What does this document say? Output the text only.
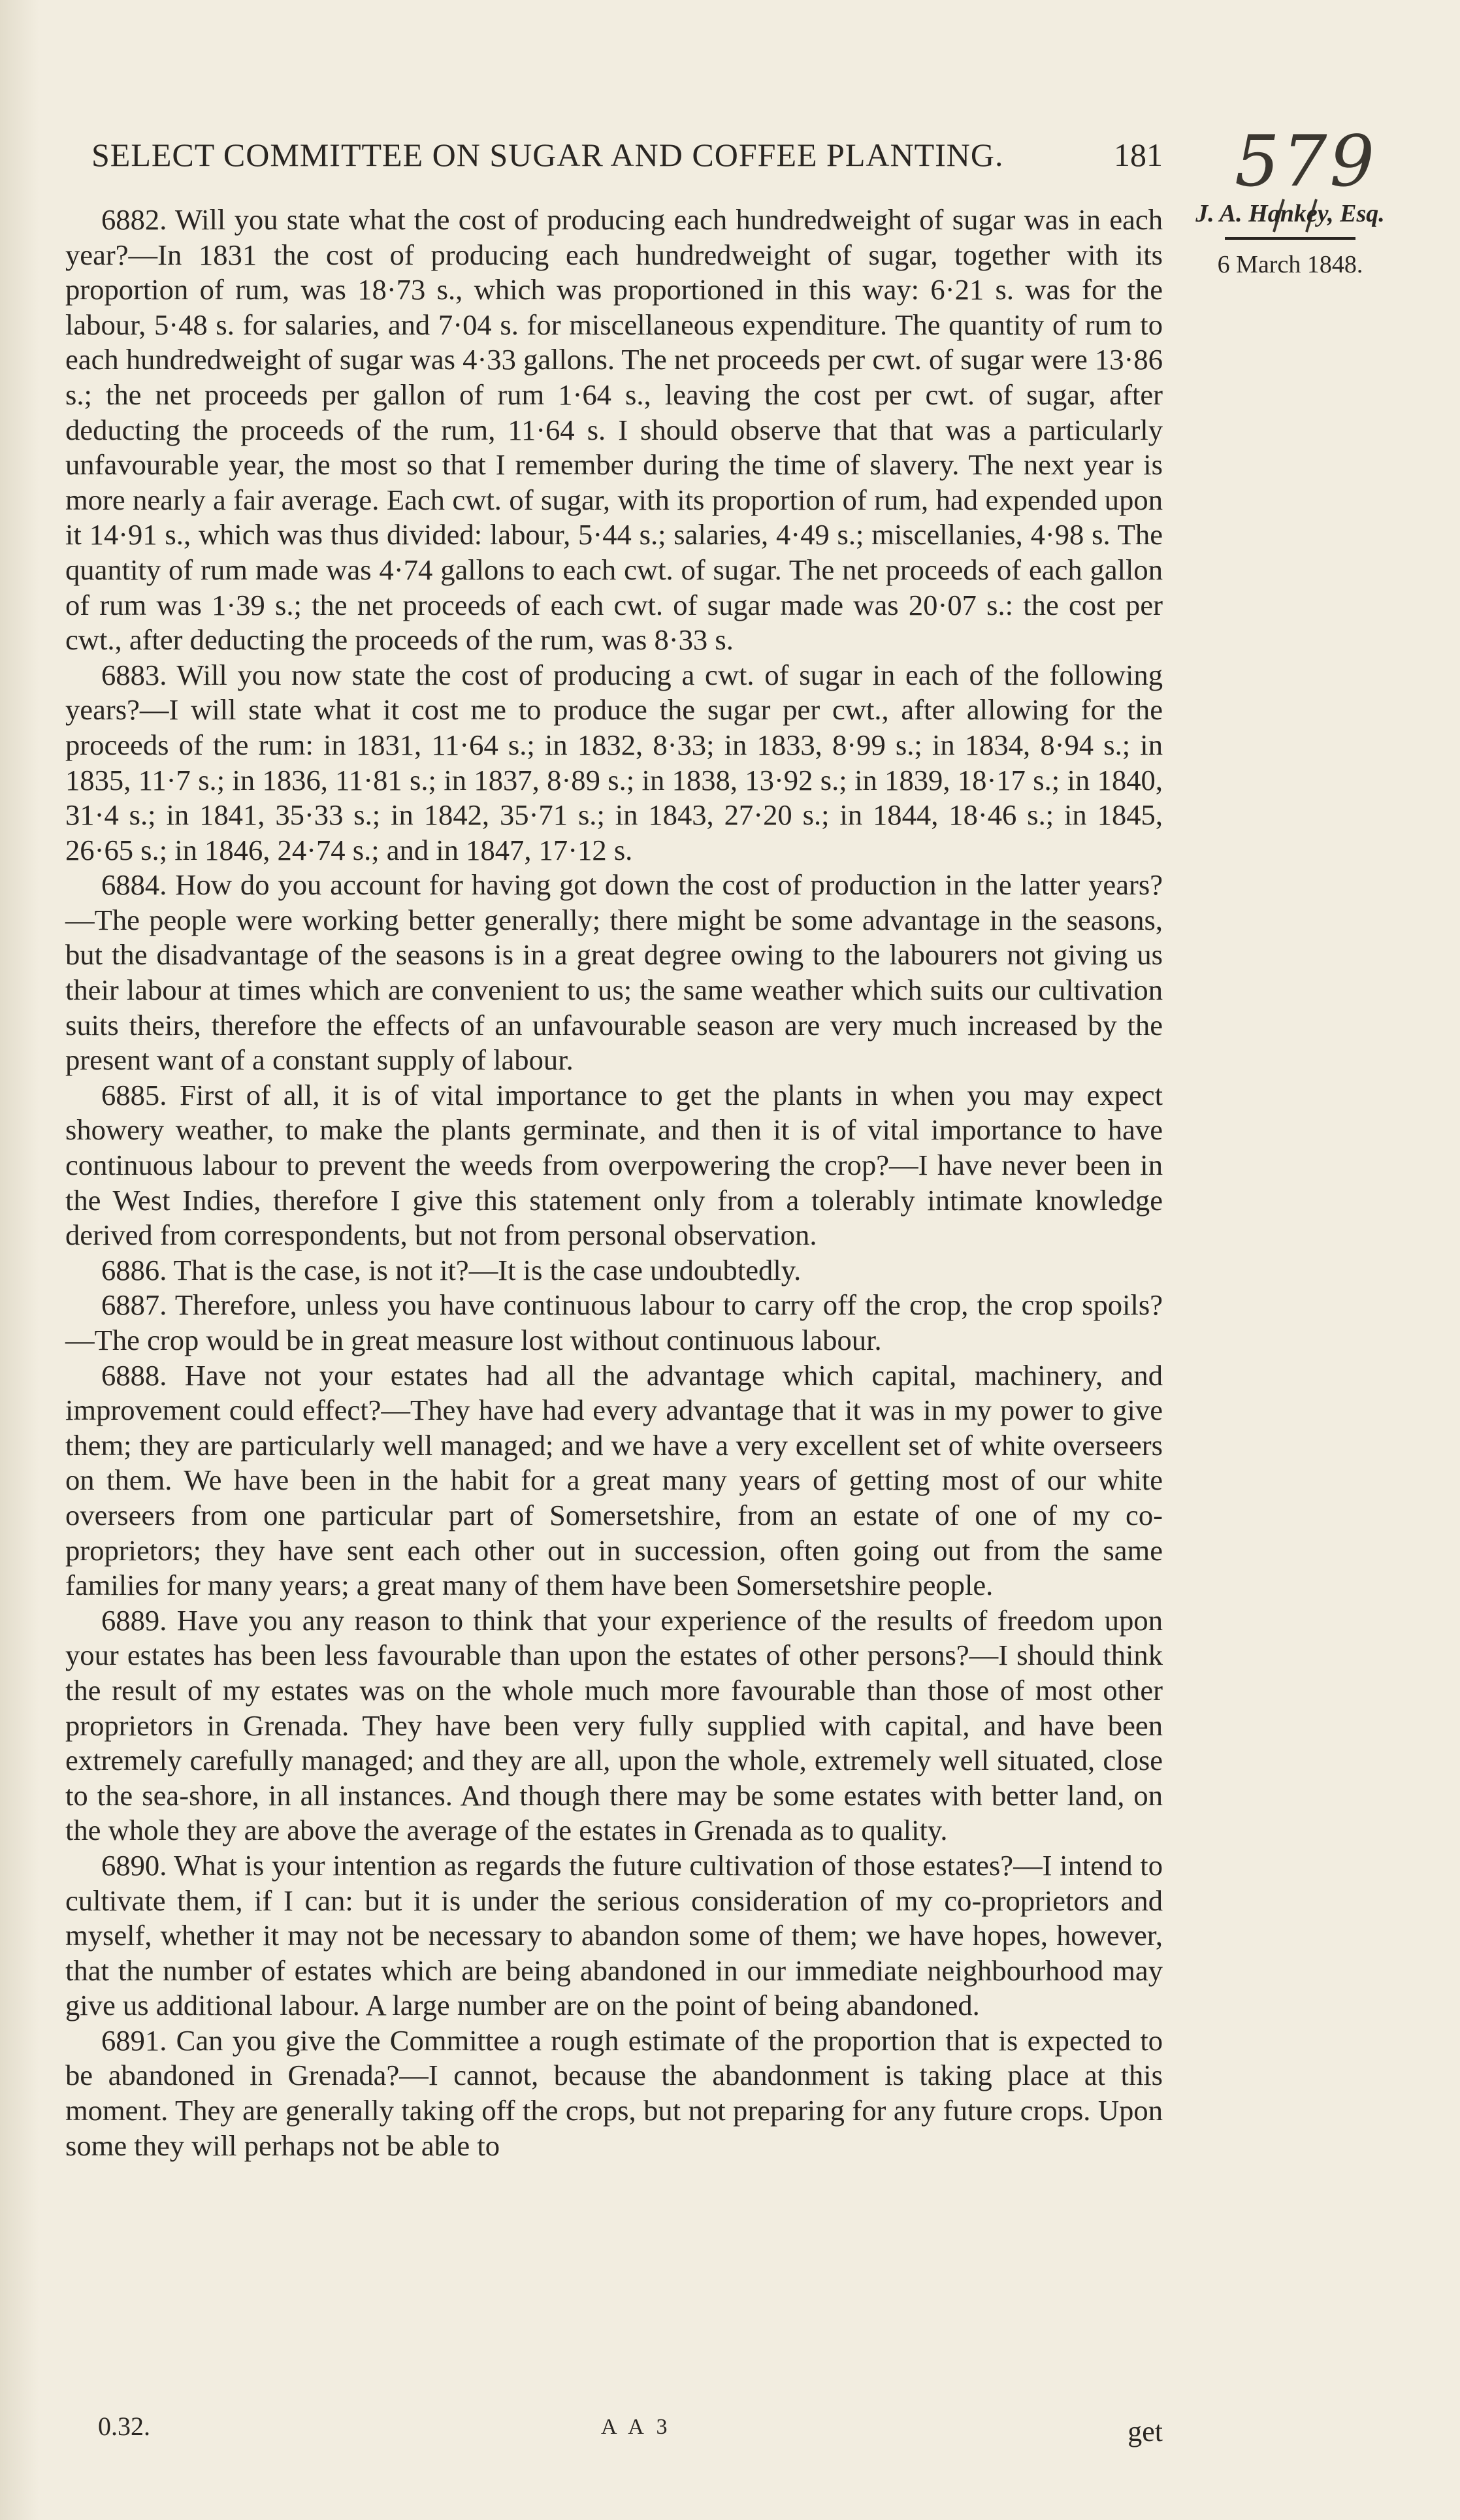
SELECT COMMITTEE ON SUGAR AND COFFEE PLANTING.	181 579
J. A. Hankey, Esq.
6 March 1848.

6882. Will you state what the cost of producing each hundredweight of sugar was in each year?—In 1831 the cost of producing each hundredweight of sugar, together with its proportion of rum, was 18·73 s., which was proportioned in this way: 6·21 s. was for the labour, 5·48 s. for salaries, and 7·04 s. for miscellaneous expenditure. The quantity of rum to each hundredweight of sugar was 4·33 gallons. The net proceeds per cwt. of sugar were 13·86 s.; the net proceeds per gallon of rum 1·64 s., leaving the cost per cwt. of sugar, after deducting the proceeds of the rum, 11·64 s. I should observe that that was a particularly unfavourable year, the most so that I remember during the time of slavery. The next year is more nearly a fair average. Each cwt. of sugar, with its proportion of rum, had expended upon it 14·91 s., which was thus divided: labour, 5·44 s.; salaries, 4·49 s.; miscellanies, 4·98 s. The quantity of rum made was 4·74 gallons to each cwt. of sugar. The net proceeds of each gallon of rum was 1·39 s.; the net proceeds of each cwt. of sugar made was 20·07 s.: the cost per cwt., after deducting the proceeds of the rum, was 8·33 s.

6883. Will you now state the cost of producing a cwt. of sugar in each of the following years?—I will state what it cost me to produce the sugar per cwt., after allowing for the proceeds of the rum: in 1831, 11·64 s.; in 1832, 8·33; in 1833, 8·99 s.; in 1834, 8·94 s.; in 1835, 11·7 s.; in 1836, 11·81 s.; in 1837, 8·89 s.; in 1838, 13·92 s.; in 1839, 18·17 s.; in 1840, 31·4 s.; in 1841, 35·33 s.; in 1842, 35·71 s.; in 1843, 27·20 s.; in 1844, 18·46 s.; in 1845, 26·65 s.; in 1846, 24·74 s.; and in 1847, 17·12 s.

6884. How do you account for having got down the cost of production in the latter years?—The people were working better generally; there might be some advantage in the seasons, but the disadvantage of the seasons is in a great degree owing to the labourers not giving us their labour at times which are convenient to us; the same weather which suits our cultivation suits theirs, therefore the effects of an unfavourable season are very much increased by the present want of a constant supply of labour.

6885. First of all, it is of vital importance to get the plants in when you may expect showery weather, to make the plants germinate, and then it is of vital importance to have continuous labour to prevent the weeds from overpowering the crop?—I have never been in the West Indies, therefore I give this statement only from a tolerably intimate knowledge derived from correspondents, but not from personal observation.

6886. That is the case, is not it?—It is the case undoubtedly.

6887. Therefore, unless you have continuous labour to carry off the crop, the crop spoils?—The crop would be in great measure lost without continuous labour.

6888. Have not your estates had all the advantage which capital, machinery, and improvement could effect?—They have had every advantage that it was in my power to give them; they are particularly well managed; and we have a very excellent set of white overseers on them. We have been in the habit for a great many years of getting most of our white overseers from one particular part of Somersetshire, from an estate of one of my co-proprietors; they have sent each other out in succession, often going out from the same families for many years; a great many of them have been Somersetshire people.

6889. Have you any reason to think that your experience of the results of freedom upon your estates has been less favourable than upon the estates of other persons?—I should think the result of my estates was on the whole much more favourable than those of most other proprietors in Grenada. They have been very fully supplied with capital, and have been extremely carefully managed; and they are all, upon the whole, extremely well situated, close to the sea-shore, in all instances. And though there may be some estates with better land, on the whole they are above the average of the estates in Grenada as to quality.

6890. What is your intention as regards the future cultivation of those estates?—I intend to cultivate them, if I can: but it is under the serious consideration of my co-proprietors and myself, whether it may not be necessary to abandon some of them; we have hopes, however, that the number of estates which are being abandoned in our immediate neighbourhood may give us additional labour. A large number are on the point of being abandoned.

6891. Can you give the Committee a rough estimate of the proportion that is expected to be abandoned in Grenada?—I cannot, because the abandonment is taking place at this moment. They are generally taking off the crops, but not preparing for any future crops. Upon some they will perhaps not be able to

0.32.	A A 3	get
